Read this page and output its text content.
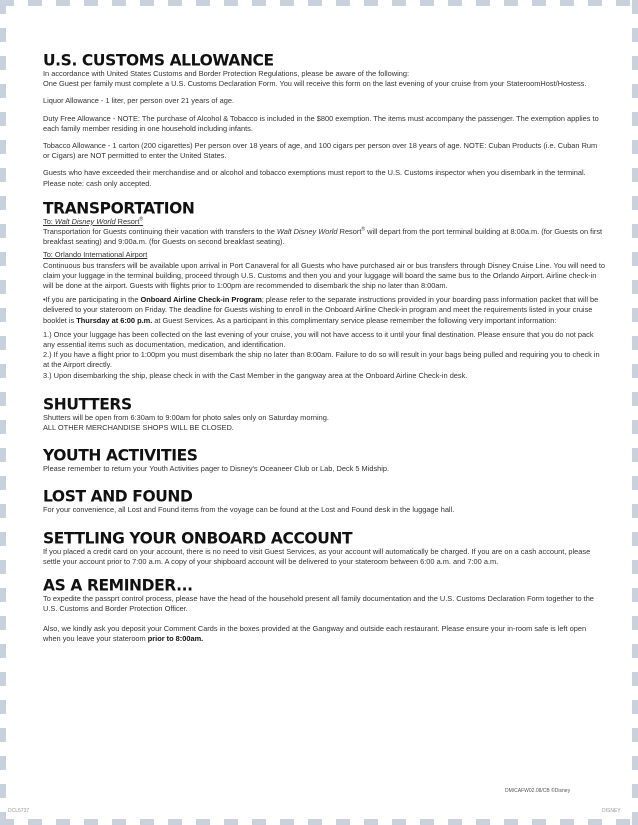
U.S. CUSTOMS ALLOWANCE

In accordance with United States Customs and Border Protection Regulations, please be aware of the following:

One Guest per family must complete a U.S. Customs Declaration Form. You will receive this form on the last evening of your cruise from your StateroomHost/Hostess.

Liquor Allowance - 1 liter, per person over 21 years of age.

Duty Free Allowance - NOTE: The purchase of Alcohol & Tobacco is included in the $800 exemption. The items must accompany the passenger. The exemption applies to each family member residing in one household including infants.

Tobacco Allowance - 1 carton (200 cigarettes) Per person over 18 years of age, and 100 cigars per person over 18 years of age. NOTE: Cuban Products (i.e. Cuban Rum or Cigars) are NOT permitted to enter the United States.

Guests who have exceeded their merchandise and or alcohol and tobacco exemptions must report to the U.S. Customs inspector when you disembark in the terminal. Please note: cash only accepted.

TRANSPORTATION

To: Walt Disney World Resort®

Transportation for Guests continuing their vacation with transfers to the Walt Disney World Resort® will depart from the port terminal building at 8:00a.m. (for Guests on first breakfast seating) and 9:00a.m. (for Guests on second breakfast seating).

To: Orlando International Airport

Continuous bus transfers will be available upon arrival in Port Canaveral for all Guests who have purchased air or bus transfers through Disney Cruise Line. You will need to claim your luggage in the terminal building, proceed through U.S. Customs and then you and your luggage will board the same bus to the Orlando Airport. Airline check-in will be done at the airport. Guests with flights prior to 1:00pm are recommended to disembark the ship no later than 8:00am.

•If you are participating in the Onboard Airline Check-in Program; please refer to the separate instructions provided in your boarding pass information packet that will be delivered to your stateroom on Friday. The deadline for Guests wishing to enroll in the Onboard Airline Check-in program and meet the requirements listed in your cruise booklet is Thursday at 6:00 p.m. at Guest Services. As a participant in this complimentary service please remember the following very important information:

1.) Once your luggage has been collected on the last evening of your cruise, you will not have access to it until your final destination. Please ensure that you do not pack any essential items such as documentation, medication, and identification.

2.) If you have a flight prior to 1:00pm you must disembark the ship no later than 8:00am. Failure to do so will result in your bags being pulled and requiring you to check in at the Airport directly.

3.) Upon disembarking the ship, please check in with the Cast Member in the gangway area at the Onboard Airline Check-in desk.

SHUTTERS

Shutters will be open from 6:30am to 9:00am for photo sales only on Saturday morning.

ALL OTHER MERCHANDISE SHOPS WILL BE CLOSED.

YOUTH ACTIVITIES

Please remember to return your Youth Activities pager to Disney's Oceaneer Club or Lab, Deck 5 Midship.

LOST AND FOUND

For your convenience, all Lost and Found items from the voyage can be found at the Lost and Found desk in the luggage hall.

SETTLING YOUR ONBOARD ACCOUNT

If you placed a credit card on your account, there is no need to visit Guest Services, as your account will automatically be charged. If you are on a cash account, please settle your account prior to 7:00 a.m. A copy of your shipboard account will be delivered to your stateroom between 6:00 a.m. and 7:00 a.m.

AS A REMINDER...

To expedite the passprt control process, please have the head of the household present all family documentation and the U.S. Customs Declaration Form together to the U.S. Customs and Border Protection Officer.

Also, we kindly ask you deposit your Comment Cards in the boxes provided at the Gangway and outside each restaurant. Please ensure your in-room safe is left open when you leave your stateroom prior to 8:00am.

DM/CAFW02.08/CB ©Disney
DCL5737	DISNEY
